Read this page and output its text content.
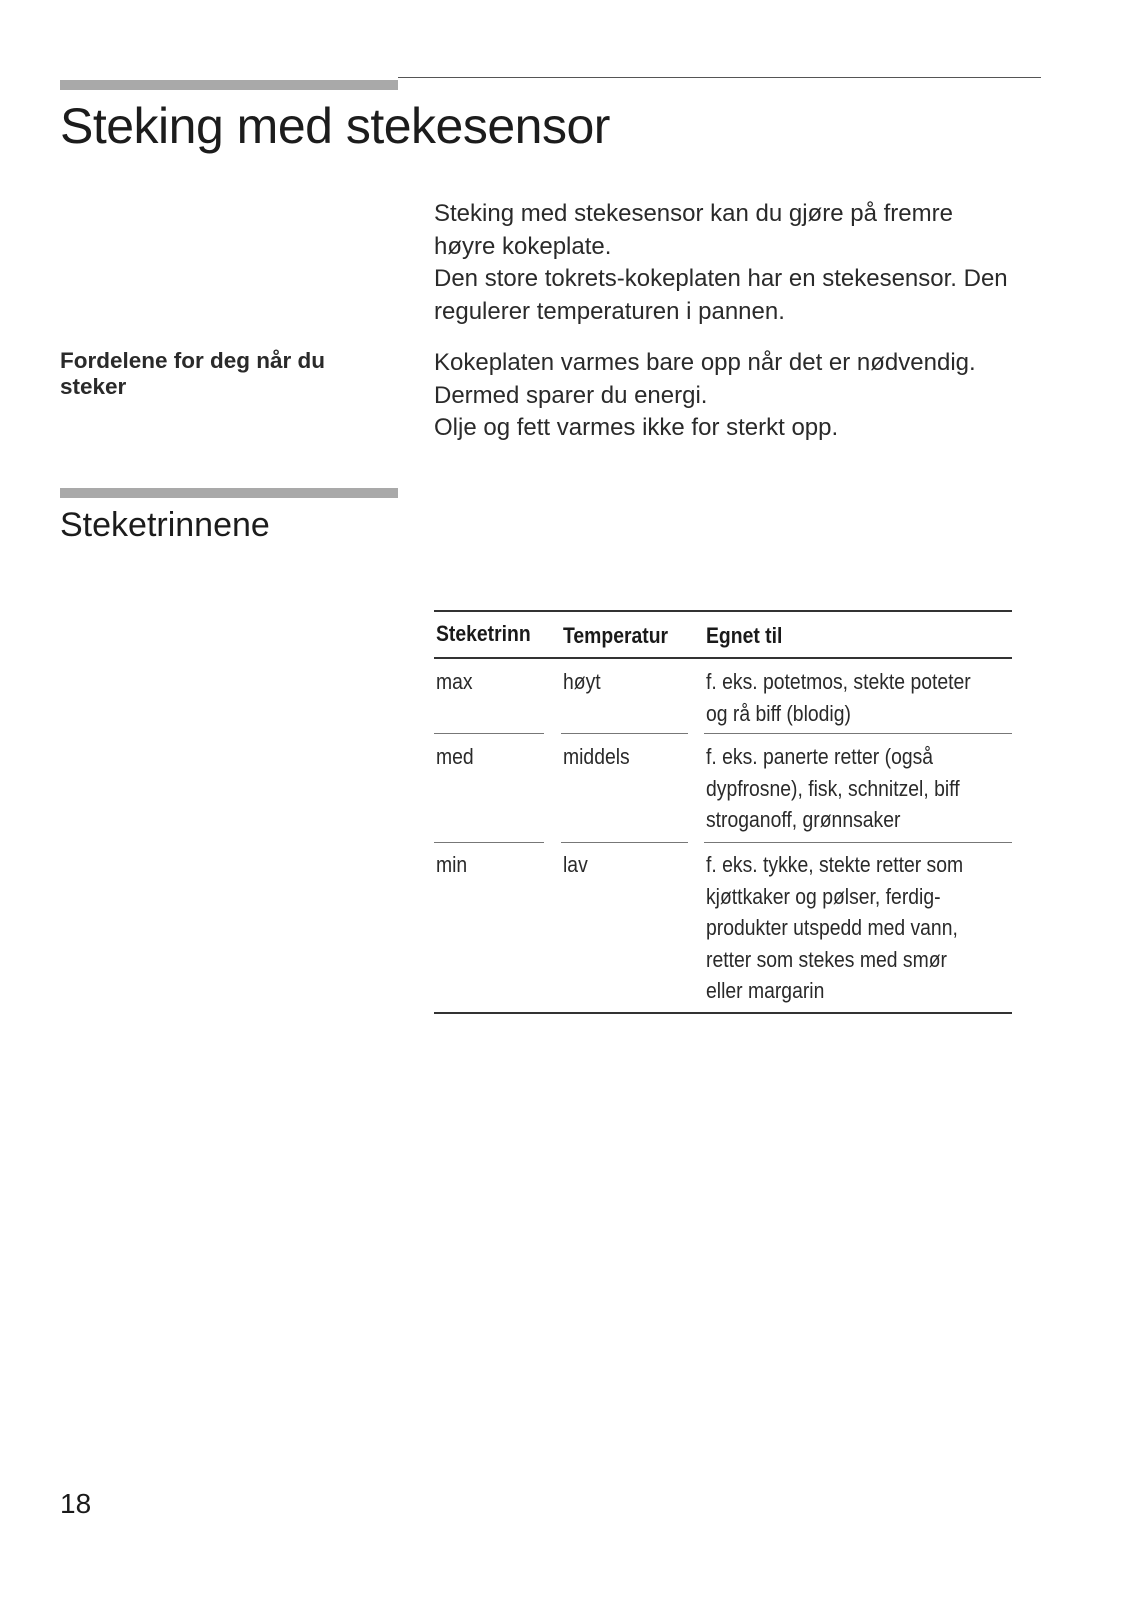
Steking med stekesensor
Steking med stekesensor kan du gjøre på fremre
høyre kokeplate.
Den store tokrets-kokeplaten har en stekesensor. Den
regulerer temperaturen i pannen.
Fordelene for deg når du steker
Kokeplaten varmes bare opp når det er nødvendig.
Dermed sparer du energi.
Olje og fett varmes ikke for sterkt opp.
Steketrinnene
Steketrinn Temperatur Egnet til
max	høyt	f. eks. potetmos, stekte poteter
og rå biff (blodig)
med	middels	f. eks. panerte retter (også
dypfrosne), fisk, schnitzel, biff
stroganoff, grønnsaker
min	lav	f. eks. tykke, stekte retter som
kjøttkaker og pølser, ferdig-
produkter utspedd med vann,
retter som stekes med smør
eller margarin
18
